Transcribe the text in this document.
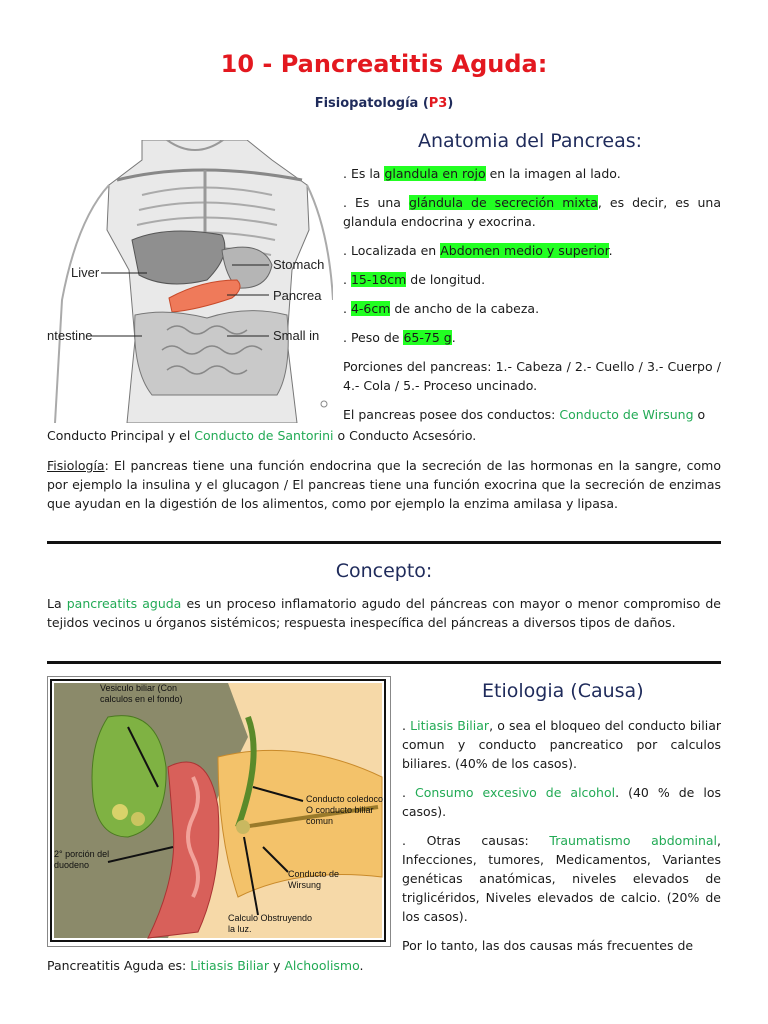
10 - Pancreatitis Aguda:
Fisiopatología (P3)
Liver
Stomach
Pancrea
ntestine	Small in
Anatomia del Pancreas:
. Es la glandula en rojo en la imagen al lado.
. Es una glándula de secreción mixta, es decir, es una glandula endocrina y exocrina.
. Localizada en Abdomen medio y superior.
. 15-18cm de longitud.
. 4-6cm de ancho de la cabeza.
. Peso de 65-75 g.
Porciones del pancreas: 1.- Cabeza / 2.- Cuello / 3.- Cuerpo / 4.- Cola / 5.- Proceso uncinado.
El pancreas posee dos conductos: Conducto de Wirsung o
Conducto Principal y el Conducto de Santorini o Conducto Acsesório.
Fisiología: El pancreas tiene una función endocrina que la secreción de las hormonas en la sangre, como por ejemplo la insulina y el glucagon / El pancreas tiene una función exocrina que la secreción de enzimas que ayudan en la digestión de los alimentos, como por ejemplo la enzima amilasa y lipasa.
Concepto:
La pancreatits aguda es un proceso inflamatorio agudo del páncreas con mayor o menor compromiso de tejidos vecinos u órganos sistémicos; respuesta inespecífica del páncreas a diversos tipos de daños.
Vesiculo biliar (Con
calculos en el fondo)
Conducto coledoco
O conducto biliar
comun
2° porción del
duodeno
Conducto de
Wirsung
Calculo Obstruyendo
la luz.
Etiologia (Causa)
. Litiasis Biliar, o sea el bloqueo del conducto biliar comun y conducto pancreatico por calculos biliares. (40% de los casos).
. Consumo excesivo de alcohol. (40 % de los casos).
. Otras causas: Traumatismo abdominal, Infecciones, tumores, Medicamentos, Variantes genéticas anatómicas, niveles elevados de triglicéridos, Niveles elevados de calcio. (20% de los casos).
Por lo tanto, las dos causas más frecuentes de
Pancreatitis Aguda es: Litiasis Biliar y Alchoolismo.
